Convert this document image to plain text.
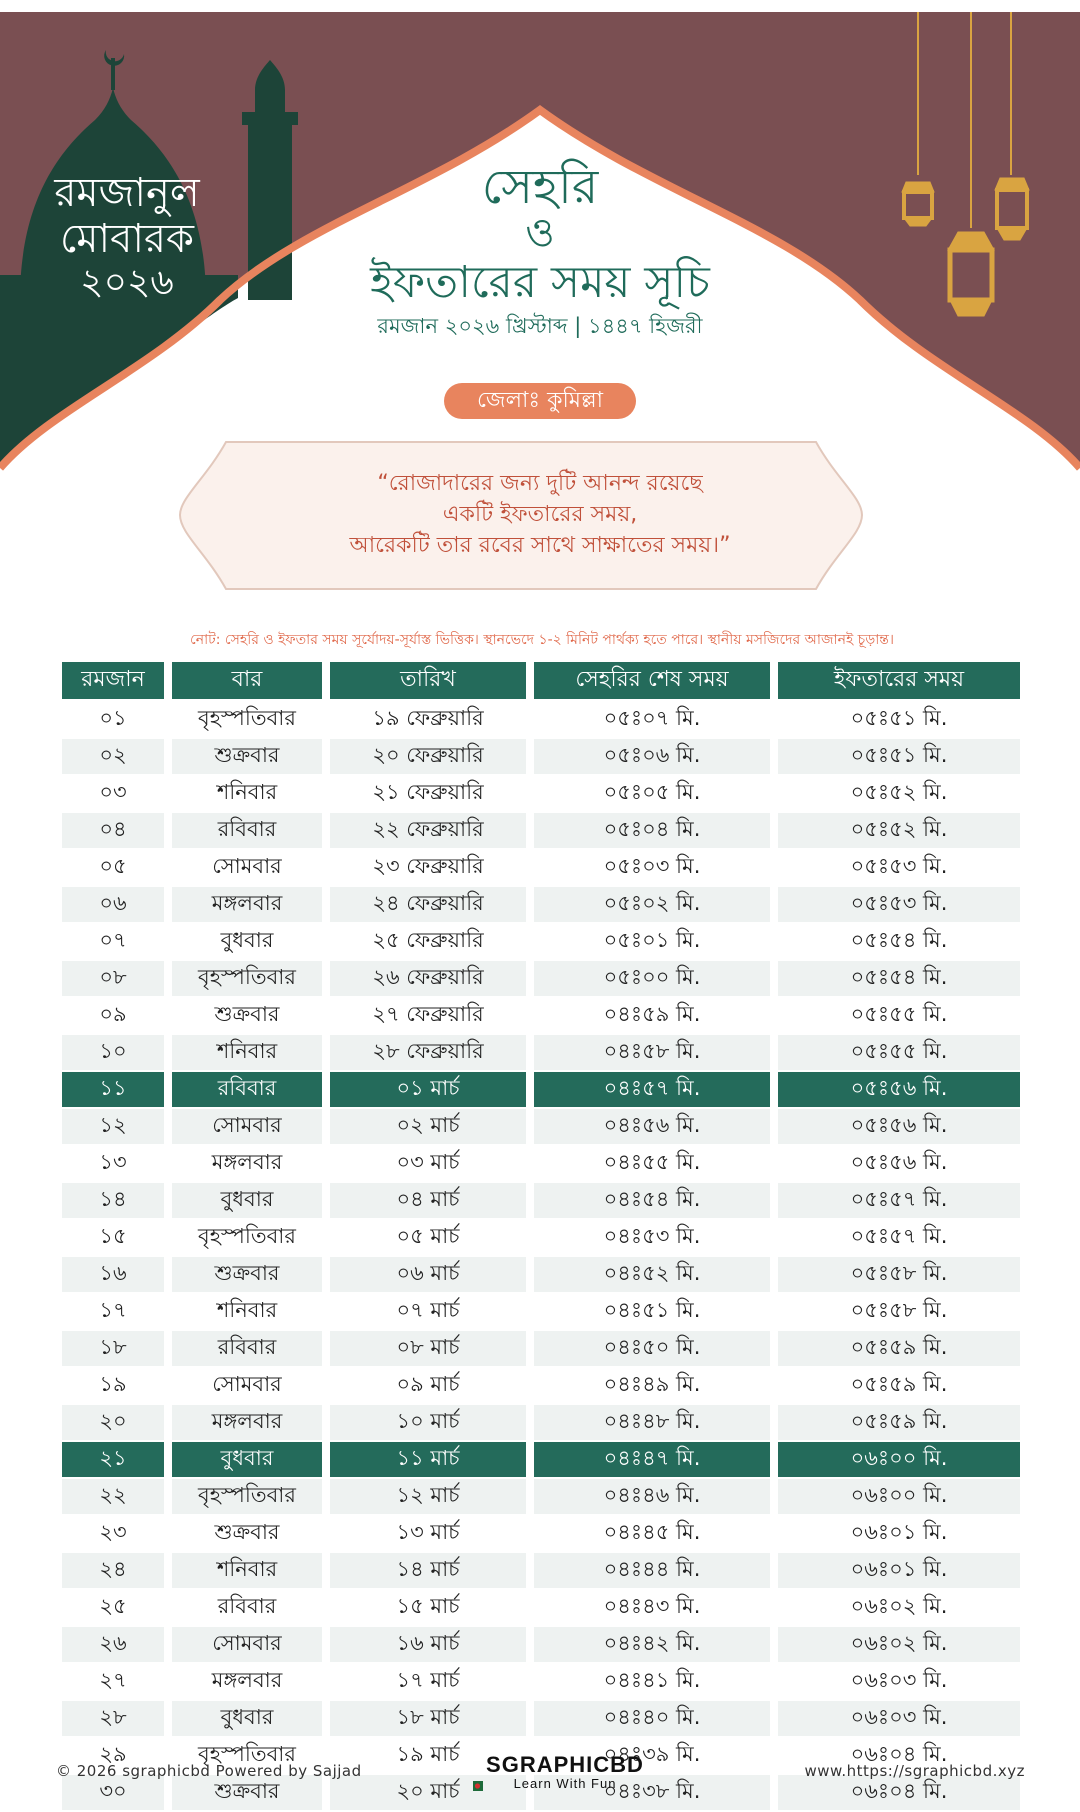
রমজানুল
মোবারক
২০২৬
সেহরি
ও
ইফতারের সময় সূচি
রমজান ২০২৬ খ্রিস্টাব্দ | ১৪৪৭ হিজরী
জেলাঃ কুমিল্লা
“রোজাদারের জন্য দুটি আনন্দ রয়েছে
একটি ইফতারের সময়,
আরেকটি তার রবের সাথে সাক্ষাতের সময়।”
নোট: সেহরি ও ইফতার সময় সূর্যোদয়-সূর্যাস্ত ভিত্তিক। স্থানভেদে ১-২ মিনিট পার্থক্য হতে পারে। স্থানীয় মসজিদের আজানই চূড়ান্ত।
রমজান	বার	তারিখ	সেহরির শেষ সময়	ইফতারের সময়
০১	বৃহস্পতিবার	১৯ ফেব্রুয়ারি	০৫ঃ০৭ মি.	০৫ঃ৫১ মি.
০২	শুক্রবার	২০ ফেব্রুয়ারি	০৫ঃ০৬ মি.	০৫ঃ৫১ মি.
০৩	শনিবার	২১ ফেব্রুয়ারি	০৫ঃ০৫ মি.	০৫ঃ৫২ মি.
০৪	রবিবার	২২ ফেব্রুয়ারি	০৫ঃ০৪ মি.	০৫ঃ৫২ মি.
০৫	সোমবার	২৩ ফেব্রুয়ারি	০৫ঃ০৩ মি.	০৫ঃ৫৩ মি.
০৬	মঙ্গলবার	২৪ ফেব্রুয়ারি	০৫ঃ০২ মি.	০৫ঃ৫৩ মি.
০৭	বুধবার	২৫ ফেব্রুয়ারি	০৫ঃ০১ মি.	০৫ঃ৫৪ মি.
০৮	বৃহস্পতিবার	২৬ ফেব্রুয়ারি	০৫ঃ০০ মি.	০৫ঃ৫৪ মি.
০৯	শুক্রবার	২৭ ফেব্রুয়ারি	০৪ঃ৫৯ মি.	০৫ঃ৫৫ মি.
১০	শনিবার	২৮ ফেব্রুয়ারি	০৪ঃ৫৮ মি.	০৫ঃ৫৫ মি.
১১	রবিবার	০১ মার্চ	০৪ঃ৫৭ মি.	০৫ঃ৫৬ মি.
১২	সোমবার	০২ মার্চ	০৪ঃ৫৬ মি.	০৫ঃ৫৬ মি.
১৩	মঙ্গলবার	০৩ মার্চ	০৪ঃ৫৫ মি.	০৫ঃ৫৬ মি.
১৪	বুধবার	০৪ মার্চ	০৪ঃ৫৪ মি.	০৫ঃ৫৭ মি.
১৫	বৃহস্পতিবার	০৫ মার্চ	০৪ঃ৫৩ মি.	০৫ঃ৫৭ মি.
১৬	শুক্রবার	০৬ মার্চ	০৪ঃ৫২ মি.	০৫ঃ৫৮ মি.
১৭	শনিবার	০৭ মার্চ	০৪ঃ৫১ মি.	০৫ঃ৫৮ মি.
১৮	রবিবার	০৮ মার্চ	০৪ঃ৫০ মি.	০৫ঃ৫৯ মি.
১৯	সোমবার	০৯ মার্চ	০৪ঃ৪৯ মি.	০৫ঃ৫৯ মি.
২০	মঙ্গলবার	১০ মার্চ	০৪ঃ৪৮ মি.	০৫ঃ৫৯ মি.
২১	বুধবার	১১ মার্চ	০৪ঃ৪৭ মি.	০৬ঃ০০ মি.
২২	বৃহস্পতিবার	১২ মার্চ	০৪ঃ৪৬ মি.	০৬ঃ০০ মি.
২৩	শুক্রবার	১৩ মার্চ	০৪ঃ৪৫ মি.	০৬ঃ০১ মি.
২৪	শনিবার	১৪ মার্চ	০৪ঃ৪৪ মি.	০৬ঃ০১ মি.
২৫	রবিবার	১৫ মার্চ	০৪ঃ৪৩ মি.	০৬ঃ০২ মি.
২৬	সোমবার	১৬ মার্চ	০৪ঃ৪২ মি.	০৬ঃ০২ মি.
২৭	মঙ্গলবার	১৭ মার্চ	০৪ঃ৪১ মি.	০৬ঃ০৩ মি.
২৮	বুধবার	১৮ মার্চ	০৪ঃ৪০ মি.	০৬ঃ০৩ মি.
২৯	বৃহস্পতিবার	১৯ মার্চ	০৪ঃ৩৯ মি.	০৬ঃ০৪ মি.
৩০	শুক্রবার	২০ মার্চ	০৪ঃ৩৮ মি.	০৬ঃ০৪ মি.
© 2026 sgraphicbd Powered by Sajjad	SGRAPHICBD
Learn With Fun
www.https://sgraphicbd.xyz
